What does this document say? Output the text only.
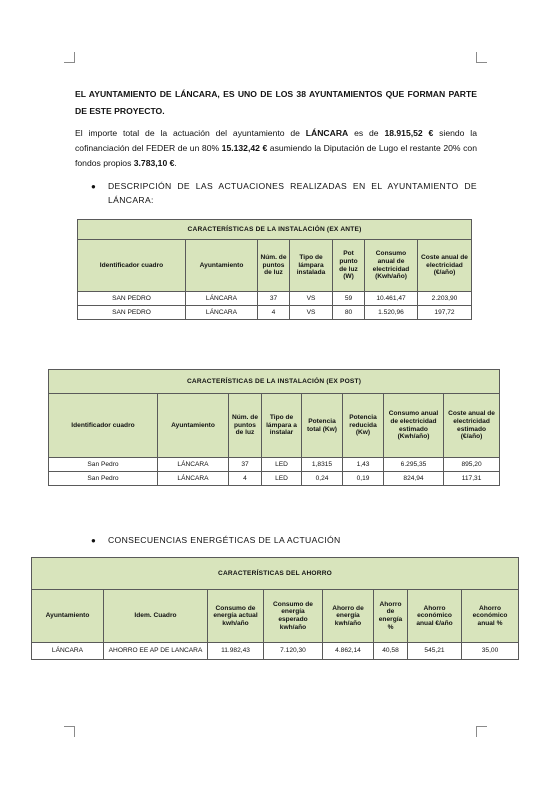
EL AYUNTAMIENTO DE LÁNCARA, ES UNO DE LOS 38 AYUNTAMIENTOS QUE FORMAN PARTE DE ESTE PROYECTO.
El importe total de la actuación del ayuntamiento de LÁNCARA es de 18.915,52 € siendo la cofinanciación del FEDER de un 80% 15.132,42 € asumiendo la Diputación de Lugo el restante 20% con fondos propios 3.783,10 €.
●	DESCRIPCIÓN DE LAS ACTUACIONES REALIZADAS EN EL AYUNTAMIENTO DE LÁNCARA:
CARACTERÍSTICAS DE LA INSTALACIÓN (EX ANTE)						
Identificador cuadro	Ayuntamiento	Núm. de puntos de luz	Tipo de lámpara instalada	Pot punto de luz (W)	Consumo anual de electricidad (Kwh/año)	Coste anual de electricidad (€/año)
SAN PEDRO	LÁNCARA	37	VS	59	10.461,47	2.203,90
SAN PEDRO	LÁNCARA	4	VS	80	1.520,96	197,72
CARACTERÍSTICAS DE LA INSTALACIÓN (EX POST)							
Identificador cuadro	Ayuntamiento	Núm. de puntos de luz	Tipo de lámpara a instalar	Potencia total (Kw)	Potencia reducida (Kw)	Consumo anual de electricidad estimado (Kwh/año)	Coste anual de electricidad estimado (€/año)
San Pedro	LÁNCARA	37	LED	1,8315	1,43	6.295,35	895,20
San Pedro	LÁNCARA	4	LED	0,24	0,19	824,94	117,31
●	CONSECUENCIAS ENERGÉTICAS DE LA ACTUACIÓN
CARACTERÍSTICAS DEL AHORRO							
Ayuntamiento	Idem. Cuadro	Consumo de energía actual kwh/año	Consumo de energía esperado kwh/año	Ahorro de energía kwh/año	Ahorro de energía %	Ahorro económico anual €/año	Ahorro económico anual %
LÁNCARA	AHORRO EE AP DE LANCARA	11.982,43	7.120,30	4.862,14	40,58	545,21	35,00
